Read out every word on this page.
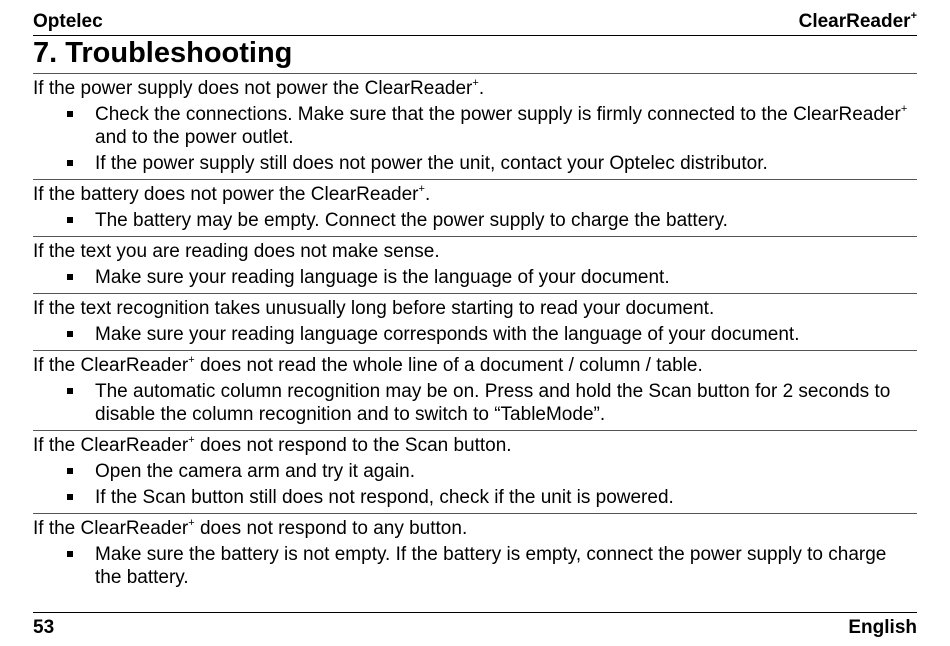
Optelec	ClearReader+
7. Troubleshooting
If the power supply does not power the ClearReader+.
Check the connections. Make sure that the power supply is firmly connected to the ClearReader+ and to the power outlet.
If the power supply still does not power the unit, contact your Optelec distributor.
If the battery does not power the ClearReader+.
The battery may be empty. Connect the power supply to charge the battery.
If the text you are reading does not make sense.
Make sure your reading language is the language of your document.
If the text recognition takes unusually long before starting to read your document.
Make sure your reading language corresponds with the language of your document.
If the ClearReader+ does not read the whole line of a document / column / table.
The automatic column recognition may be on. Press and hold the Scan button for 2 seconds to disable the column recognition and to switch to “TableMode”.
If the ClearReader+ does not respond to the Scan button.
Open the camera arm and try it again.
If the Scan button still does not respond, check if the unit is powered.
If the ClearReader+ does not respond to any button.
Make sure the battery is not empty. If the battery is empty, connect the power supply to charge the battery.
53	English
